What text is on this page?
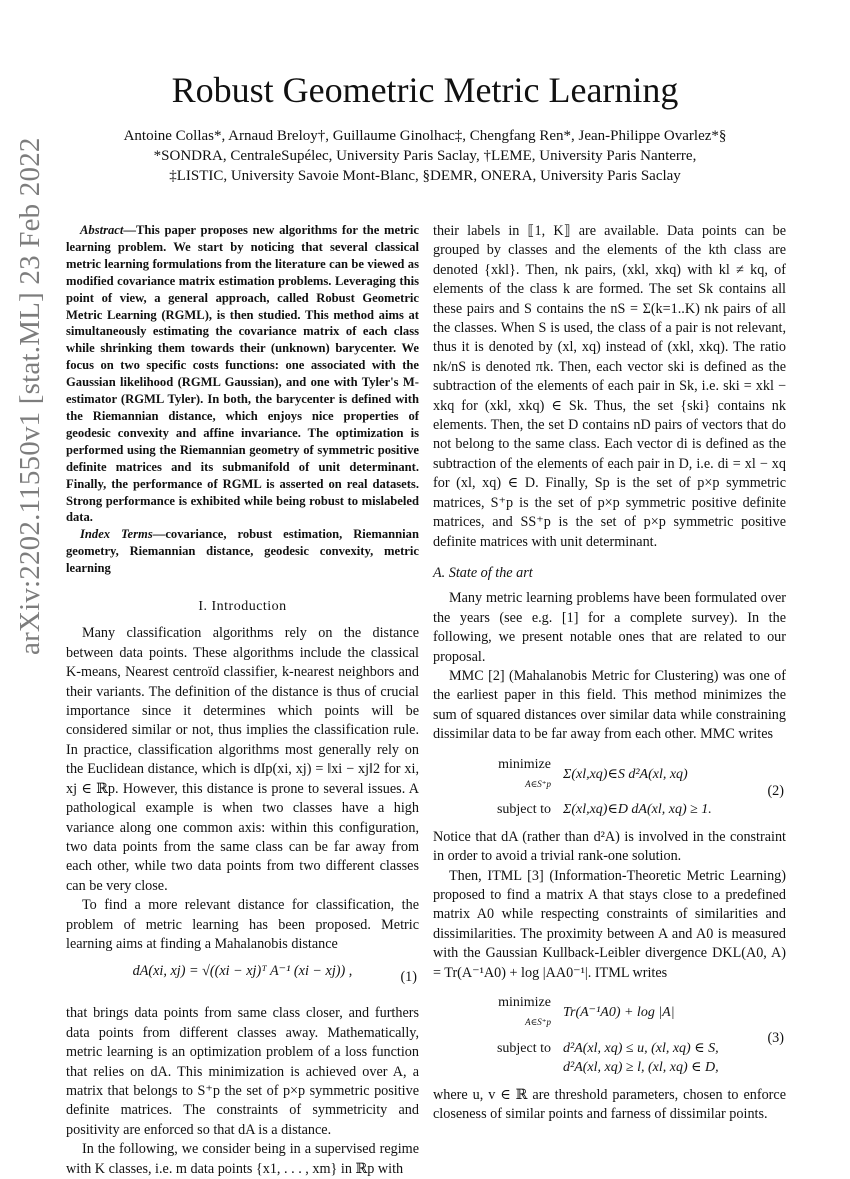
arXiv:2202.11550v1 [stat.ML] 23 Feb 2022
Robust Geometric Metric Learning
Antoine Collas*, Arnaud Breloy†, Guillaume Ginolhac‡, Chengfang Ren*, Jean-Philippe Ovarlez*§
*SONDRA, CentraleSupélec, University Paris Saclay, †LEME, University Paris Nanterre,
‡LISTIC, University Savoie Mont-Blanc, §DEMR, ONERA, University Paris Saclay

Abstract—This paper proposes new algorithms for the metric learning problem. We start by noticing that several classical metric learning formulations from the literature can be viewed as modified covariance matrix estimation problems. Leveraging this point of view, a general approach, called Robust Geometric Metric Learning (RGML), is then studied. This method aims at simultaneously estimating the covariance matrix of each class while shrinking them towards their (unknown) barycenter. We focus on two specific costs functions: one associated with the Gaussian likelihood (RGML Gaussian), and one with Tyler's M-estimator (RGML Tyler). In both, the barycenter is defined with the Riemannian distance, which enjoys nice properties of geodesic convexity and affine invariance. The optimization is performed using the Riemannian geometry of symmetric positive definite matrices and its submanifold of unit determinant. Finally, the performance of RGML is asserted on real datasets. Strong performance is exhibited while being robust to mislabeled data.

Index Terms—covariance, robust estimation, Riemannian geometry, Riemannian distance, geodesic convexity, metric learning

I. Introduction

Many classification algorithms rely on the distance between data points. These algorithms include the classical K-means, Nearest centroïd classifier, k-nearest neighbors and their variants. The definition of the distance is thus of crucial importance since it determines which points will be considered similar or not, thus implies the classification rule. In practice, classification algorithms most generally rely on the Euclidean distance, which is dIp(xi, xj) = ‖xi − xj‖2 for xi, xj ∈ ℝp. However, this distance is prone to several issues. A pathological example is when two classes have a high variance along one common axis: within this configuration, two data points from the same class can be far away from each other, while two data points from two different classes can be very close.

To find a more relevant distance for classification, the problem of metric learning has been proposed. Metric learning aims at finding a Mahalanobis distance

dA(xi, xj) = √((xi − xj)ᵀ A⁻¹ (xi − xj)) ,	(1)

that brings data points from same class closer, and furthers data points from different classes away. Mathematically, metric learning is an optimization problem of a loss function that relies on dA. This minimization is achieved over A, a matrix that belongs to S⁺p the set of p×p symmetric positive definite matrices. The constraints of symmetricity and positivity are enforced so that dA is a distance.

In the following, we consider being in a supervised regime with K classes, i.e. m data points {x1, . . . , xm} in ℝp with

their labels in ⟦1, K⟧ are available. Data points can be grouped by classes and the elements of the kth class are denoted {xkl}. Then, nk pairs, (xkl, xkq) with kl ≠ kq, of elements of the class k are formed. The set Sk contains all these pairs and S contains the nS = Σ(k=1..K) nk pairs of all the classes. When S is used, the class of a pair is not relevant, thus it is denoted by (xl, xq) instead of (xkl, xkq). The ratio nk/nS is denoted πk. Then, each vector ski is defined as the subtraction of the elements of each pair in Sk, i.e. ski = xkl − xkq for (xkl, xkq) ∈ Sk. Thus, the set {ski} contains nk elements. Then, the set D contains nD pairs of vectors that do not belong to the same class. Each vector di is defined as the subtraction of the elements of each pair in D, i.e. di = xl − xq for (xl, xq) ∈ D. Finally, Sp is the set of p×p symmetric matrices, S⁺p is the set of p×p symmetric positive definite matrices, and SS⁺p is the set of p×p symmetric positive definite matrices with unit determinant.

A. State of the art

Many metric learning problems have been formulated over the years (see e.g. [1] for a complete survey). In the following, we present notable ones that are related to our proposal.

MMC [2] (Mahalanobis Metric for Clustering) was one of the earliest paper in this field. This method minimizes the sum of squared distances over similar data while constraining dissimilar data to be far away from each other. MMC writes

minimize
A∈S⁺p
Σ(xl,xq)∈S d²A(xl, xq)
subject to Σ(xl,xq)∈D dA(xl, xq) ≥ 1.
(2)

Notice that dA (rather than d²A) is involved in the constraint in order to avoid a trivial rank-one solution.

Then, ITML [3] (Information-Theoretic Metric Learning) proposed to find a matrix A that stays close to a predefined matrix A0 while respecting constraints of similarities and dissimilarities. The proximity between A and A0 is measured with the Gaussian Kullback-Leibler divergence DKL(A0, A) = Tr(A⁻¹A0) + log |AA0⁻¹|. ITML writes

minimize
A∈S⁺p
Tr(A⁻¹A0) + log |A|
subject to d²A(xl, xq) ≤ u, (xl, xq) ∈ S,
d²A(xl, xq) ≥ l, (xl, xq) ∈ D,
(3)

where u, v ∈ ℝ are threshold parameters, chosen to enforce closeness of similar points and farness of dissimilar points.
